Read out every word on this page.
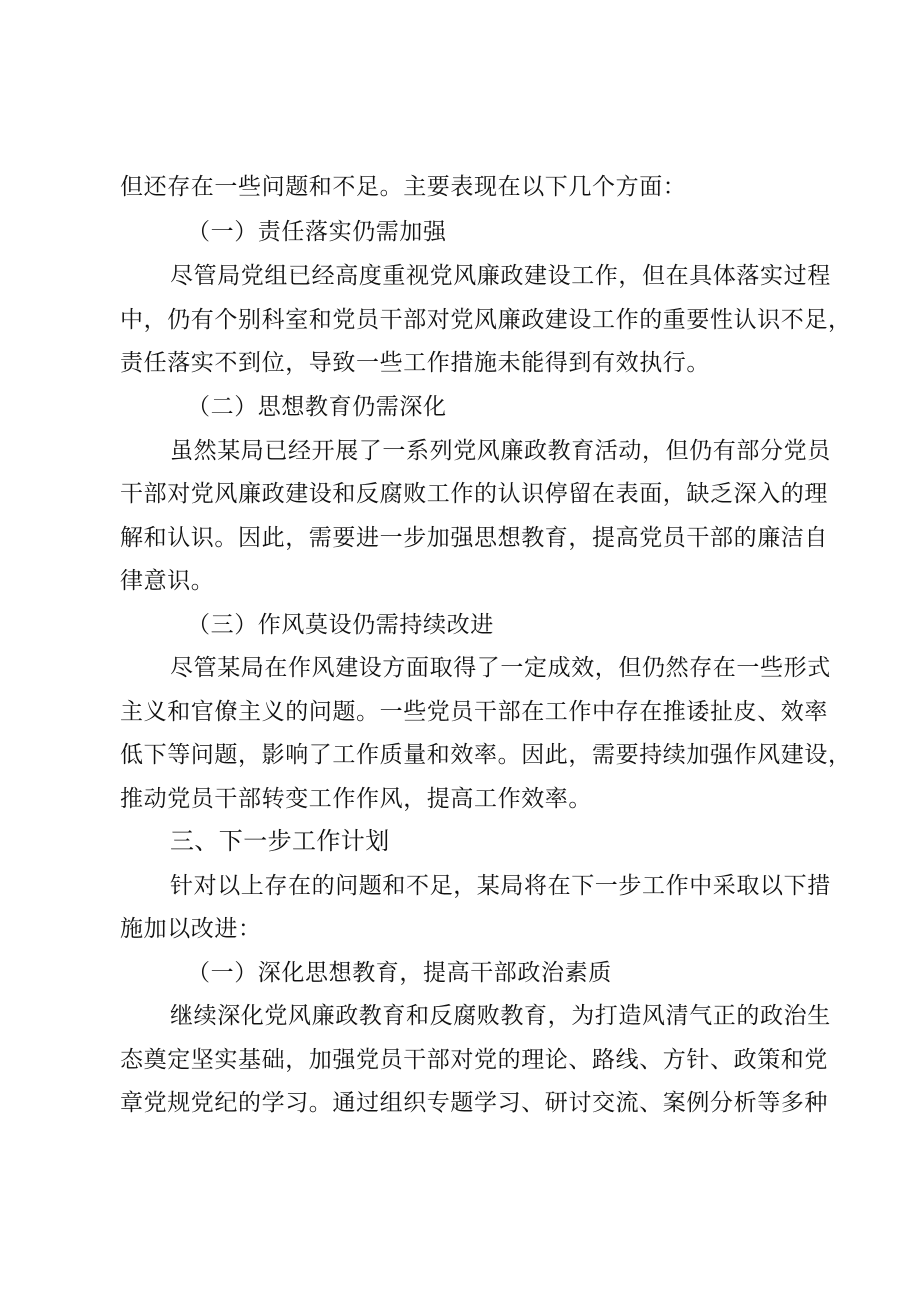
但还存在一些问题和不足。主要表现在以下几个方面：
（一）责任落实仍需加强
尽管局党组已经高度重视党风廉政建设工作，但在具体落实过程
中，仍有个别科室和党员干部对党风廉政建设工作的重要性认识不足，
责任落实不到位，导致一些工作措施未能得到有效执行。
（二）思想教育仍需深化
虽然某局已经开展了一系列党风廉政教育活动，但仍有部分党员
干部对党风廉政建设和反腐败工作的认识停留在表面，缺乏深入的理
解和认识。因此，需要进一步加强思想教育，提高党员干部的廉洁自
律意识。
（三）作风莫设仍需持续改进
尽管某局在作风建设方面取得了一定成效，但仍然存在一些形式
主义和官僚主义的问题。一些党员干部在工作中存在推诿扯皮、效率
低下等问题，影响了工作质量和效率。因此，需要持续加强作风建设，
推动党员干部转变工作作风，提高工作效率。
三、下一步工作计划
针对以上存在的问题和不足，某局将在下一步工作中采取以下措
施加以改进：
（一）深化思想教育，提高干部政治素质
继续深化党风廉政教育和反腐败教育，为打造风清气正的政治生
态奠定坚实基础，加强党员干部对党的理论、路线、方针、政策和党
章党规党纪的学习。通过组织专题学习、研讨交流、案例分析等多种
